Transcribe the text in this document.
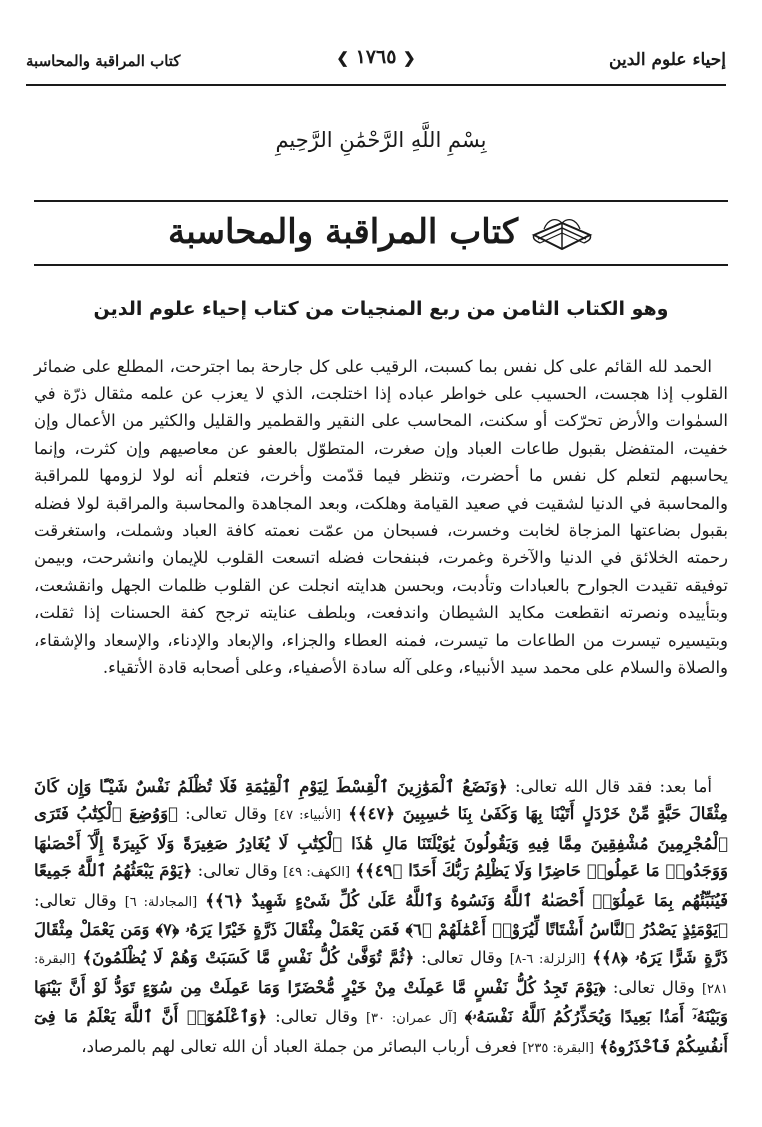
إحياء علوم الدين
❮ ١٧٦٥ ❯
كتاب المراقبة والمحاسبة
بِسْمِ اللَّهِ الرَّحْمَٰنِ الرَّحِيمِ
كتاب المراقبة والمحاسبة
وهو الكتاب الثامن من ربع المنجيات من كتاب إحياء علوم الدين

الحمد لله القائم على كل نفس بما كسبت، الرقيب على كل جارحة بما اجترحت، المطلع على ضمائر القلوب إذا هجست، الحسيب على خواطر عباده إذا اختلجت، الذي لا يعزب عن علمه مثقال ذرّة في السمٰوات والأرض تحرّكت أو سكنت، المحاسب على النقير والقطمير والقليل والكثير من الأعمال وإن خفيت، المتفضل بقبول طاعات العباد وإن صغرت، المتطوّل بالعفو عن معاصيهم وإن كثرت، وإنما يحاسبهم لتعلم كل نفس ما أحضرت، وتنظر فيما قدّمت وأخرت، فتعلم أنه لولا لزومها للمراقبة والمحاسبة في الدنيا لشقيت في صعيد القيامة وهلكت، وبعد المجاهدة والمحاسبة والمراقبة لولا فضله بقبول بضاعتها المزجاة لخابت وخسرت، فسبحان من عمّت نعمته كافة العباد وشملت، واستغرقت رحمته الخلائق في الدنيا والآخرة وغمرت، فبنفحات فضله اتسعت القلوب للإيمان وانشرحت، وبيمن توفيقه تقيدت الجوارح بالعبادات وتأدبت، وبحسن هدايته انجلت عن القلوب ظلمات الجهل وانقشعت، وبتأييده ونصرته انقطعت مكايد الشيطان واندفعت، وبلطف عنايته ترجح كفة الحسنات إذا ثقلت، وبتيسيره تيسرت من الطاعات ما تيسرت، فمنه العطاء والجزاء، والإبعاد والإدناء، والإسعاد والإشقاء، والصلاة والسلام على محمد سيد الأنبياء، وعلى آله سادة الأصفياء، وعلى أصحابه قادة الأتقياء.

أما بعد: فقد قال الله تعالى: ﴿وَنَضَعُ ٱلْمَوَٰزِينَ ٱلْقِسْطَ لِيَوْمِ ٱلْقِيَٰمَةِ فَلَا تُظْلَمُ نَفْسٌ شَيْـًٔا وَإِن كَانَ مِثْقَالَ حَبَّةٍ مِّنْ خَرْدَلٍ أَتَيْنَا بِهَا وَكَفَىٰ بِنَا حَٰسِبِينَ ﴿٤٧﴾﴾ [الأنبياء: ٤٧] وقال تعالى: ﴿وَوُضِعَ ٱلْكِتَٰبُ فَتَرَى ٱلْمُجْرِمِينَ مُشْفِقِينَ مِمَّا فِيهِ وَيَقُولُونَ يَٰوَيْلَتَنَا مَالِ هَٰذَا ٱلْكِتَٰبِ لَا يُغَادِرُ صَغِيرَةً وَلَا كَبِيرَةً إِلَّآ أَحْصَىٰهَا وَوَجَدُوا۟ مَا عَمِلُوا۟ حَاضِرًا وَلَا يَظْلِمُ رَبُّكَ أَحَدًا ﴿٤٩﴾﴾ [الكهف: ٤٩] وقال تعالى: ﴿يَوْمَ يَبْعَثُهُمُ ٱللَّهُ جَمِيعًا فَيُنَبِّئُهُم بِمَا عَمِلُوٓا۟ أَحْصَىٰهُ ٱللَّهُ وَنَسُوهُ وَٱللَّهُ عَلَىٰ كُلِّ شَىْءٍ شَهِيدٌ ﴿٦﴾﴾ [المجادلة: ٦] وقال تعالى: ﴿يَوْمَئِذٍ يَصْدُرُ ٱلنَّاسُ أَشْتَاتًا لِّيُرَوْا۟ أَعْمَٰلَهُمْ ﴿٦﴾ فَمَن يَعْمَلْ مِثْقَالَ ذَرَّةٍ خَيْرًا يَرَهُۥ ﴿٧﴾ وَمَن يَعْمَلْ مِثْقَالَ ذَرَّةٍ شَرًّا يَرَهُۥ ﴿٨﴾﴾ [الزلزلة: ٦-٨] وقال تعالى: ﴿ثُمَّ تُوَفَّىٰ كُلُّ نَفْسٍ مَّا كَسَبَتْ وَهُمْ لَا يُظْلَمُونَ﴾ [البقرة: ٢٨١] وقال تعالى: ﴿يَوْمَ تَجِدُ كُلُّ نَفْسٍ مَّا عَمِلَتْ مِنْ خَيْرٍ مُّحْضَرًا وَمَا عَمِلَتْ مِن سُوٓءٍ تَوَدُّ لَوْ أَنَّ بَيْنَهَا وَبَيْنَهُۥٓ أَمَدًۢا بَعِيدًا وَيُحَذِّرُكُمُ ٱللَّهُ نَفْسَهُۥ﴾ [آل عمران: ٣٠] وقال تعالى: ﴿وَٱعْلَمُوٓا۟ أَنَّ ٱللَّهَ يَعْلَمُ مَا فِىٓ أَنفُسِكُمْ فَٱحْذَرُوهُ﴾ [البقرة: ٢٣٥] فعرف أرباب البصائر من جملة العباد أن الله تعالى لهم بالمرصاد،
